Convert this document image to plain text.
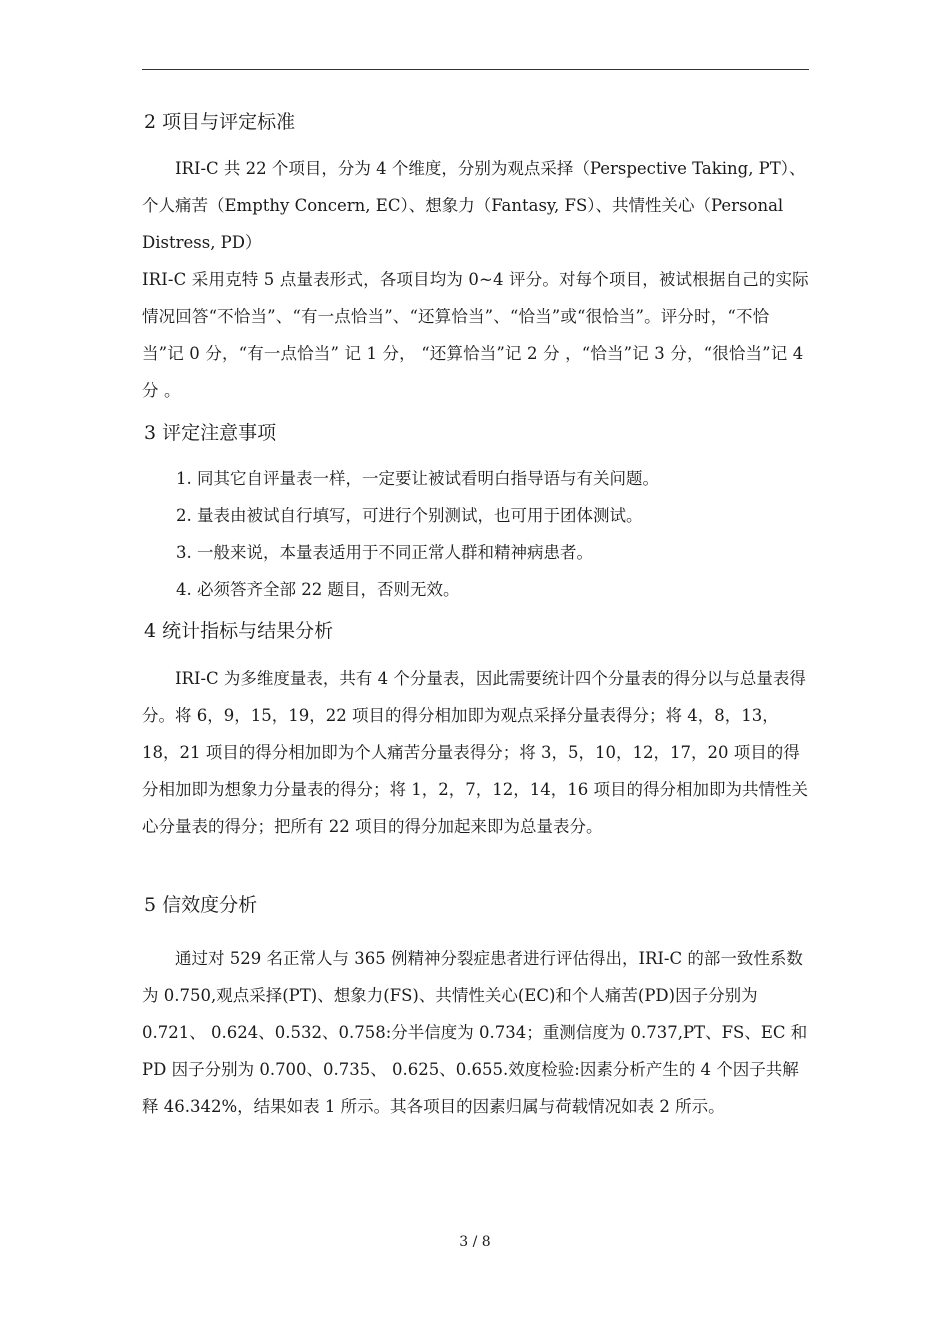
2 项目与评定标准

IRI-C 共 22 个项目，分为 4 个维度，分别为观点采择（Perspective Taking, PT）、个人痛苦（Empthy Concern, EC）、想象力（Fantasy, FS）、共情性关心（Personal Distress, PD）

IRI-C 采用克特 5 点量表形式，各项目均为 0~4 评分。对每个项目，被试根据自己的实际情况回答“不恰当”、“有一点恰当”、“还算恰当”、“恰当”或“很恰当”。评分时，“不恰当”记 0 分，“有一点恰当” 记 1 分， “还算恰当”记 2 分 ，“恰当”记 3 分，“很恰当”记 4 分 。

3 评定注意事项

1. 同其它自评量表一样，一定要让被试看明白指导语与有关问题。

2. 量表由被试自行填写，可进行个别测试，也可用于团体测试。

3. 一般来说，本量表适用于不同正常人群和精神病患者。

4. 必须答齐全部 22 题目，否则无效。

4 统计指标与结果分析

IRI-C 为多维度量表，共有 4 个分量表，因此需要统计四个分量表的得分以与总量表得分。将 6，9，15，19，22 项目的得分相加即为观点采择分量表得分；将 4，8，13，18，21 项目的得分相加即为个人痛苦分量表得分；将 3，5，10，12，17，20 项目的得分相加即为想象力分量表的得分；将 1，2，7，12，14，16 项目的得分相加即为共情性关心分量表的得分；把所有 22 项目的得分加起来即为总量表分。

5 信效度分析

通过对 529 名正常人与 365 例精神分裂症患者进行评估得出，IRI-C 的部一致性系数为 0.750,观点采择(PT)、想象力(FS)、共情性关心(EC)和个人痛苦(PD)因子分别为 0.721、 0.624、0.532、0.758:分半信度为 0.734；重测信度为 0.737,PT、FS、EC 和 PD 因子分别为 0.700、0.735、 0.625、0.655.效度检验:因素分析产生的 4 个因子共解释 46.342%，结果如表 1 所示。其各项目的因素归属与荷载情况如表 2 所示。

3 / 8
